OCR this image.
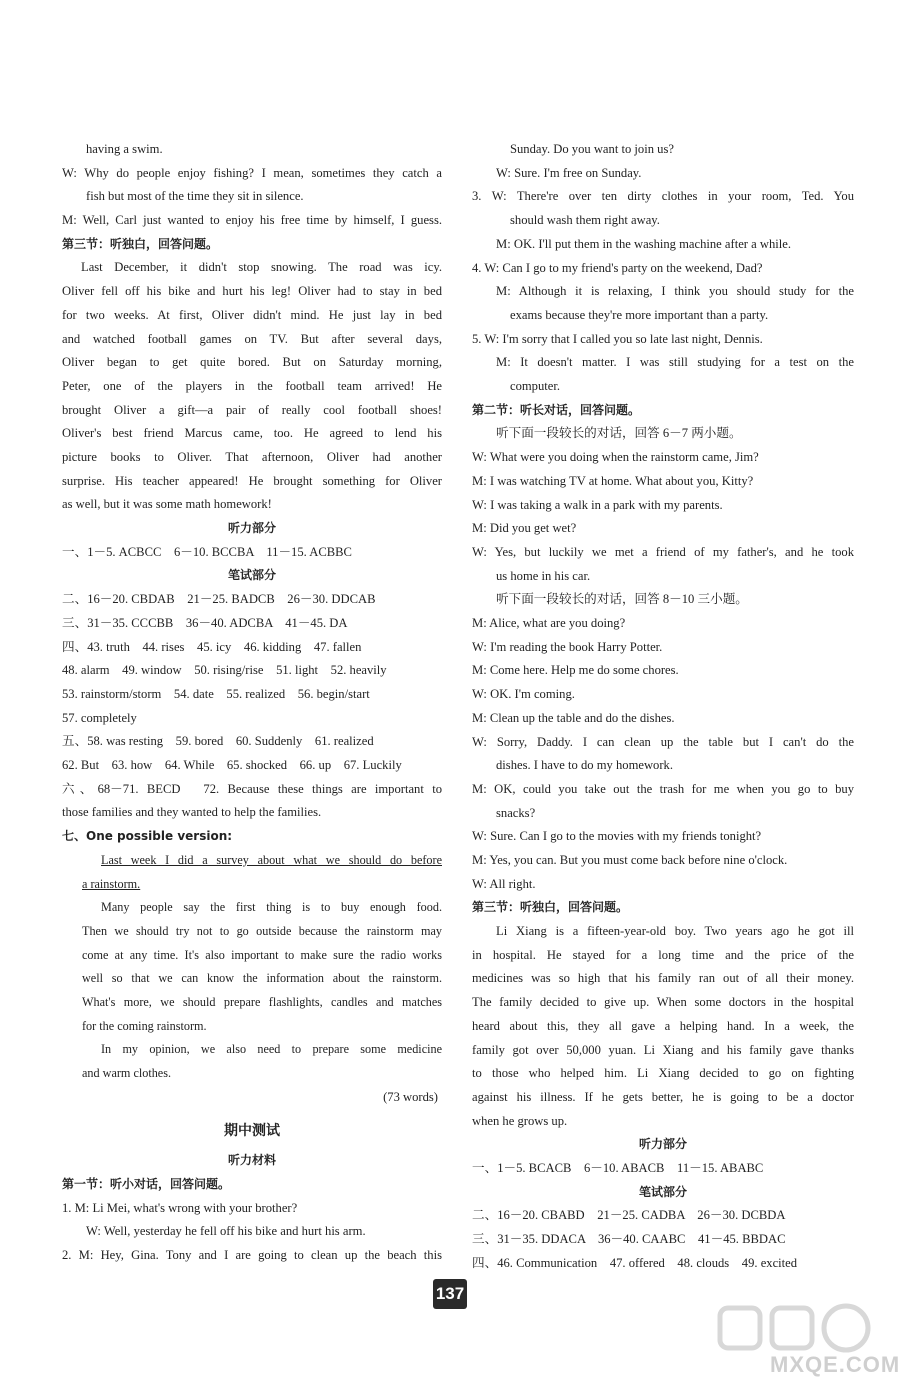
having a swim.
W: Why do people enjoy fishing? I mean, sometimes they catch a
fish but most of the time they sit in silence.
M: Well, Carl just wanted to enjoy his free time by himself, I guess.
第三节：听独白，回答问题。
Last December, it didn't stop snowing. The road was icy.
Oliver fell off his bike and hurt his leg! Oliver had to stay in bed
for two weeks. At first, Oliver didn't mind. He just lay in bed
and watched football games on TV. But after several days,
Oliver began to get quite bored. But on Saturday morning,
Peter, one of the players in the football team arrived! He
brought Oliver a gift—a pair of really cool football shoes!
Oliver's best friend Marcus came, too. He agreed to lend his
picture books to Oliver. That afternoon, Oliver had another
surprise. His teacher appeared! He brought something for Oliver
as well, but it was some math homework!
听力部分
一、1－5. ACBCC　6－10. BCCBA　11－15. ACBBC
笔试部分
二、16－20. CBDAB　21－25. BADCB　26－30. DDCAB
三、31－35. CCCBB　36－40. ADCBA　41－45. DA
四、43. truth　44. rises　45. icy　46. kidding　47. fallen
48. alarm　49. window　50. rising/rise　51. light　52. heavily
53. rainstorm/storm　54. date　55. realized　56. begin/start
57. completely
五、58. was resting　59. bored　60. Suddenly　61. realized
62. But　63. how　64. While　65. shocked　66. up　67. Luckily
六、68－71. BECD　72. Because these things are important to
those families and they wanted to help the families.
七、One possible version:
Last week I did a survey about what we should do before
a rainstorm.
Many people say the first thing is to buy enough food.
Then we should try not to go outside because the rainstorm may
come at any time. It's also important to make sure the radio works
well so that we can know the information about the rainstorm.
What's more, we should prepare flashlights, candles and matches
for the coming rainstorm.
In my opinion, we also need to prepare some medicine
and warm clothes.
(73 words)
期中测试
听力材料
第一节：听小对话，回答问题。
1. M: Li Mei, what's wrong with your brother?
W: Well, yesterday he fell off his bike and hurt his arm.
2. M: Hey, Gina. Tony and I are going to clean up the beach this
Sunday. Do you want to join us?
W: Sure. I'm free on Sunday.
3. W: There're over ten dirty clothes in your room, Ted. You
should wash them right away.
M: OK. I'll put them in the washing machine after a while.
4. W: Can I go to my friend's party on the weekend, Dad?
M: Although it is relaxing, I think you should study for the
exams because they're more important than a party.
5. W: I'm sorry that I called you so late last night, Dennis.
M: It doesn't matter. I was still studying for a test on the
computer.
第二节：听长对话，回答问题。
听下面一段较长的对话，回答 6－7 两小题。
W: What were you doing when the rainstorm came, Jim?
M: I was watching TV at home. What about you, Kitty?
W: I was taking a walk in a park with my parents.
M: Did you get wet?
W: Yes, but luckily we met a friend of my father's, and he took
us home in his car.
听下面一段较长的对话，回答 8－10 三小题。
M: Alice, what are you doing?
W: I'm reading the book Harry Potter.
M: Come here. Help me do some chores.
W: OK. I'm coming.
M: Clean up the table and do the dishes.
W: Sorry, Daddy. I can clean up the table but I can't do the
dishes. I have to do my homework.
M: OK, could you take out the trash for me when you go to buy
snacks?
W: Sure. Can I go to the movies with my friends tonight?
M: Yes, you can. But you must come back before nine o'clock.
W: All right.
第三节：听独白，回答问题。
Li Xiang is a fifteen-year-old boy. Two years ago he got ill
in hospital. He stayed for a long time and the price of the
medicines was so high that his family ran out of all their money.
The family decided to give up. When some doctors in the hospital
heard about this, they all gave a helping hand. In a week, the
family got over 50,000 yuan. Li Xiang and his family gave thanks
to those who helped him. Li Xiang decided to go on fighting
against his illness. If he gets better, he is going to be a doctor
when he grows up.
听力部分
一、1－5. BCACB　6－10. ABACB　11－15. ABABC
笔试部分
二、16－20. CBABD　21－25. CADBA　26－30. DCBDA
三、31－35. DDACA　36－40. CAABC　41－45. BBDAC
四、46. Communication　47. offered　48. clouds　49. excited
137
MXQE.COM
